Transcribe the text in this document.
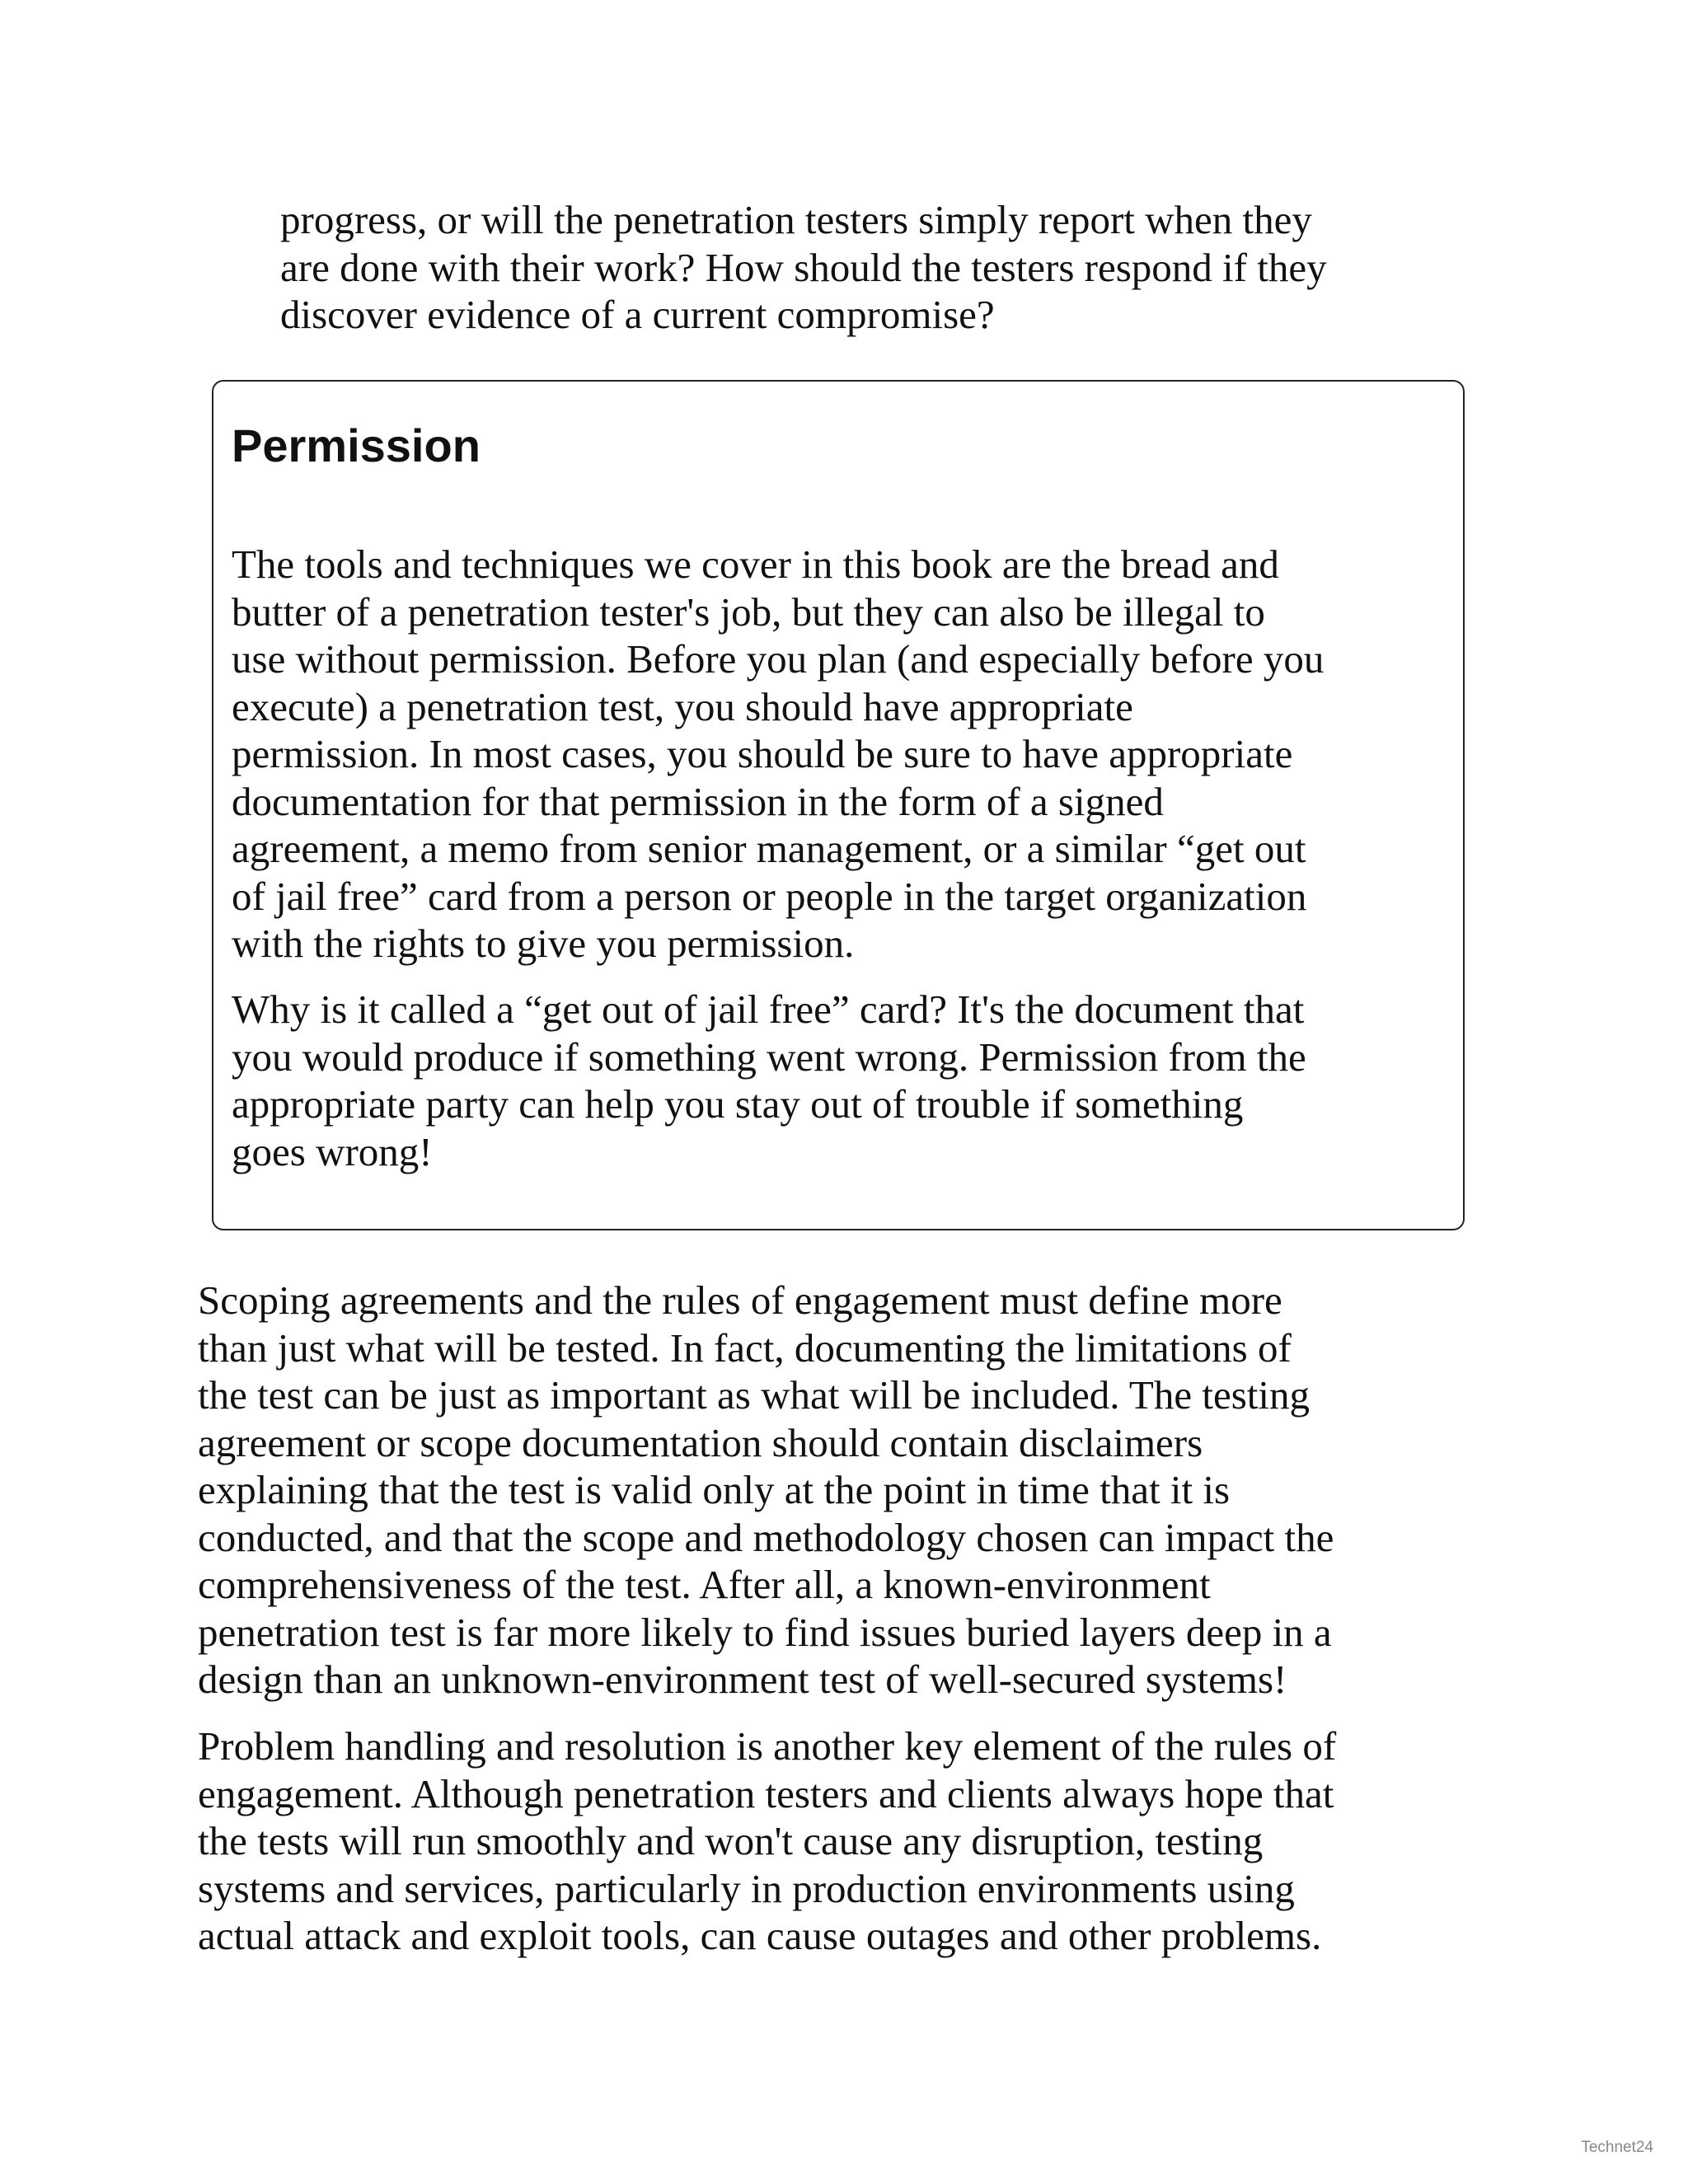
progress, or will the penetration testers simply report when they
are done with their work? How should the testers respond if they
discover evidence of a current compromise?

Permission

The tools and techniques we cover in this book are the bread and
butter of a penetration tester's job, but they can also be illegal to
use without permission. Before you plan (and especially before you
execute) a penetration test, you should have appropriate
permission. In most cases, you should be sure to have appropriate
documentation for that permission in the form of a signed
agreement, a memo from senior management, or a similar “get out
of jail free” card from a person or people in the target organization
with the rights to give you permission.

Why is it called a “get out of jail free” card? It's the document that
you would produce if something went wrong. Permission from the
appropriate party can help you stay out of trouble if something
goes wrong!

Scoping agreements and the rules of engagement must define more
than just what will be tested. In fact, documenting the limitations of
the test can be just as important as what will be included. The testing
agreement or scope documentation should contain disclaimers
explaining that the test is valid only at the point in time that it is
conducted, and that the scope and methodology chosen can impact the
comprehensiveness of the test. After all, a known-environment
penetration test is far more likely to find issues buried layers deep in a
design than an unknown-environment test of well-secured systems!

Problem handling and resolution is another key element of the rules of
engagement. Although penetration testers and clients always hope that
the tests will run smoothly and won't cause any disruption, testing
systems and services, particularly in production environments using
actual attack and exploit tools, can cause outages and other problems.

Technet24
